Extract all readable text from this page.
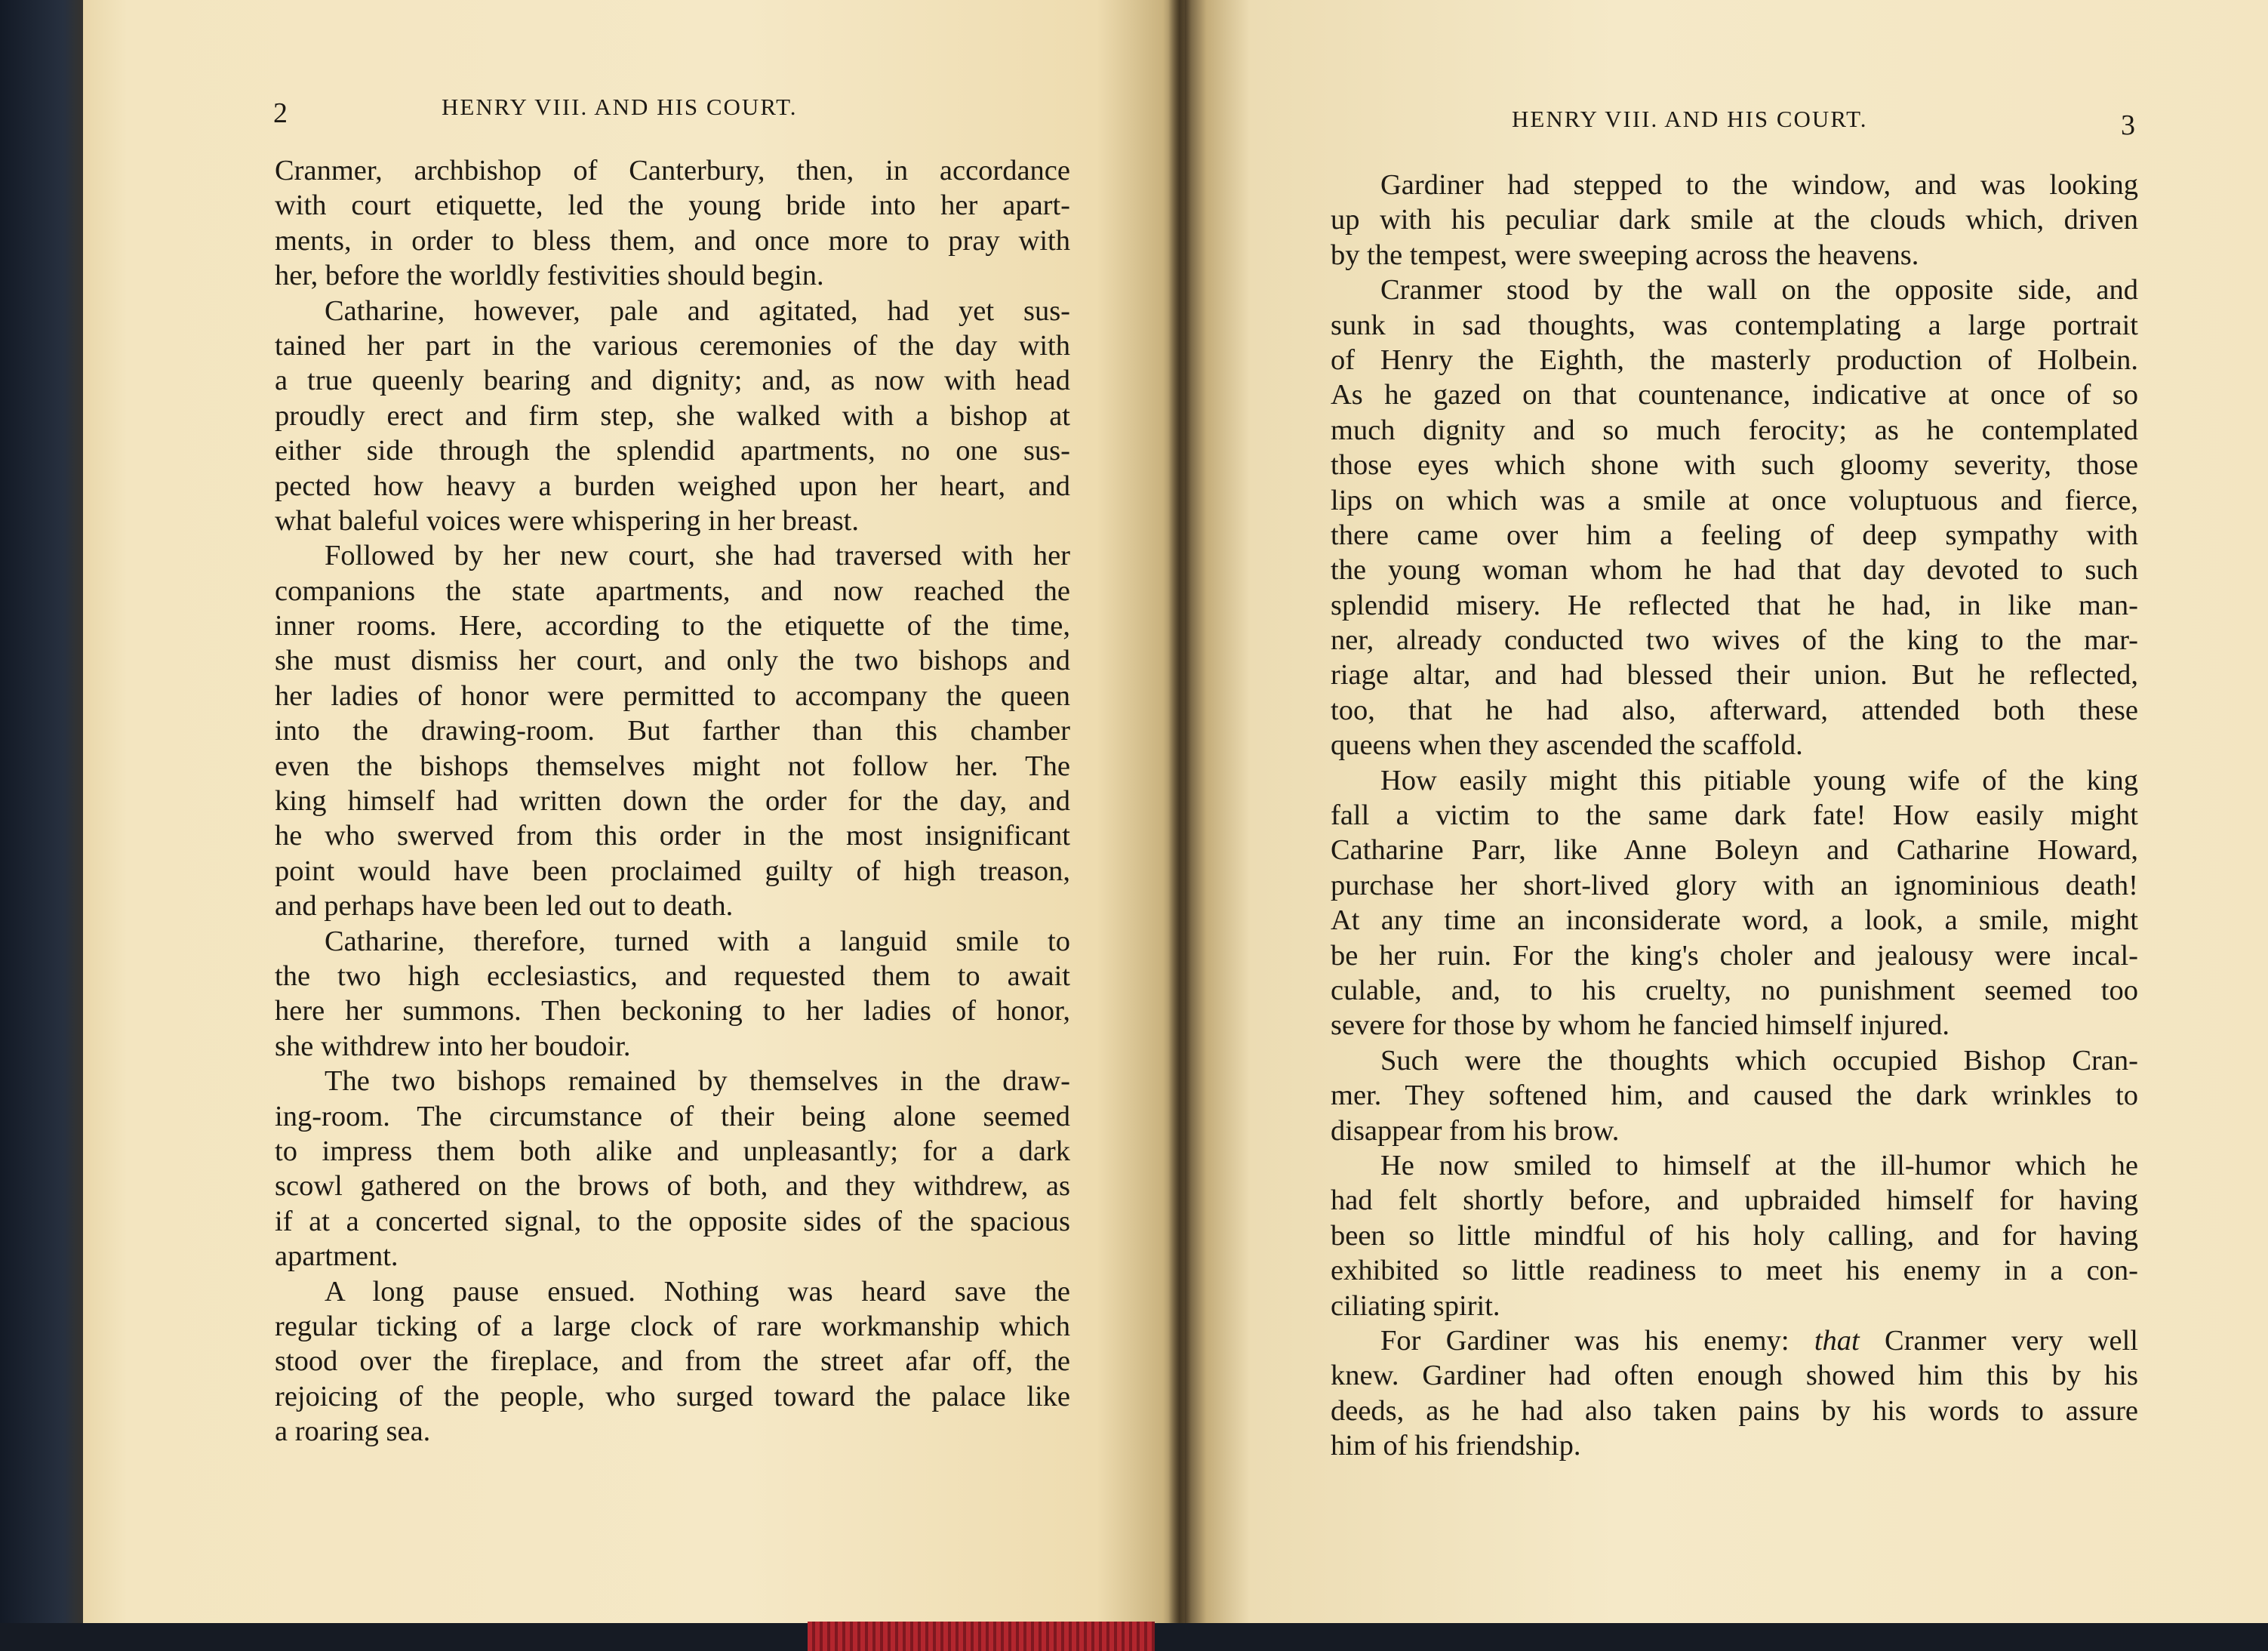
2	HENRY VIII. AND HIS COURT.
Cranmer, archbishop of Canterbury, then, in accordance
with court etiquette, led the young bride into her apart-
ments, in order to bless them, and once more to pray with
her, before the worldly festivities should begin.
Catharine, however, pale and agitated, had yet sus-
tained her part in the various ceremonies of the day with
a true queenly bearing and dignity; and, as now with head
proudly erect and firm step, she walked with a bishop at
either side through the splendid apartments, no one sus-
pected how heavy a burden weighed upon her heart, and
what baleful voices were whispering in her breast.
Followed by her new court, she had traversed with her
companions the state apartments, and now reached the
inner rooms. Here, according to the etiquette of the time,
she must dismiss her court, and only the two bishops and
her ladies of honor were permitted to accompany the queen
into the drawing-room. But farther than this chamber
even the bishops themselves might not follow her. The
king himself had written down the order for the day, and
he who swerved from this order in the most insignificant
point would have been proclaimed guilty of high treason,
and perhaps have been led out to death.
Catharine, therefore, turned with a languid smile to
the two high ecclesiastics, and requested them to await
here her summons. Then beckoning to her ladies of honor,
she withdrew into her boudoir.
The two bishops remained by themselves in the draw-
ing-room. The circumstance of their being alone seemed
to impress them both alike and unpleasantly; for a dark
scowl gathered on the brows of both, and they withdrew, as
if at a concerted signal, to the opposite sides of the spacious
apartment.
A long pause ensued. Nothing was heard save the
regular ticking of a large clock of rare workmanship which
stood over the fireplace, and from the street afar off, the
rejoicing of the people, who surged toward the palace like
a roaring sea.
HENRY VIII. AND HIS COURT.	3
Gardiner had stepped to the window, and was looking
up with his peculiar dark smile at the clouds which, driven
by the tempest, were sweeping across the heavens.
Cranmer stood by the wall on the opposite side, and
sunk in sad thoughts, was contemplating a large portrait
of Henry the Eighth, the masterly production of Holbein.
As he gazed on that countenance, indicative at once of so
much dignity and so much ferocity; as he contemplated
those eyes which shone with such gloomy severity, those
lips on which was a smile at once voluptuous and fierce,
there came over him a feeling of deep sympathy with
the young woman whom he had that day devoted to such
splendid misery. He reflected that he had, in like man-
ner, already conducted two wives of the king to the mar-
riage altar, and had blessed their union. But he reflected,
too, that he had also, afterward, attended both these
queens when they ascended the scaffold.
How easily might this pitiable young wife of the king
fall a victim to the same dark fate! How easily might
Catharine Parr, like Anne Boleyn and Catharine Howard,
purchase her short-lived glory with an ignominious death!
At any time an inconsiderate word, a look, a smile, might
be her ruin. For the king's choler and jealousy were incal-
culable, and, to his cruelty, no punishment seemed too
severe for those by whom he fancied himself injured.
Such were the thoughts which occupied Bishop Cran-
mer. They softened him, and caused the dark wrinkles to
disappear from his brow.
He now smiled to himself at the ill-humor which he
had felt shortly before, and upbraided himself for having
been so little mindful of his holy calling, and for having
exhibited so little readiness to meet his enemy in a con-
ciliating spirit.
For Gardiner was his enemy: that Cranmer very well
knew. Gardiner had often enough showed him this by his
deeds, as he had also taken pains by his words to assure
him of his friendship.
